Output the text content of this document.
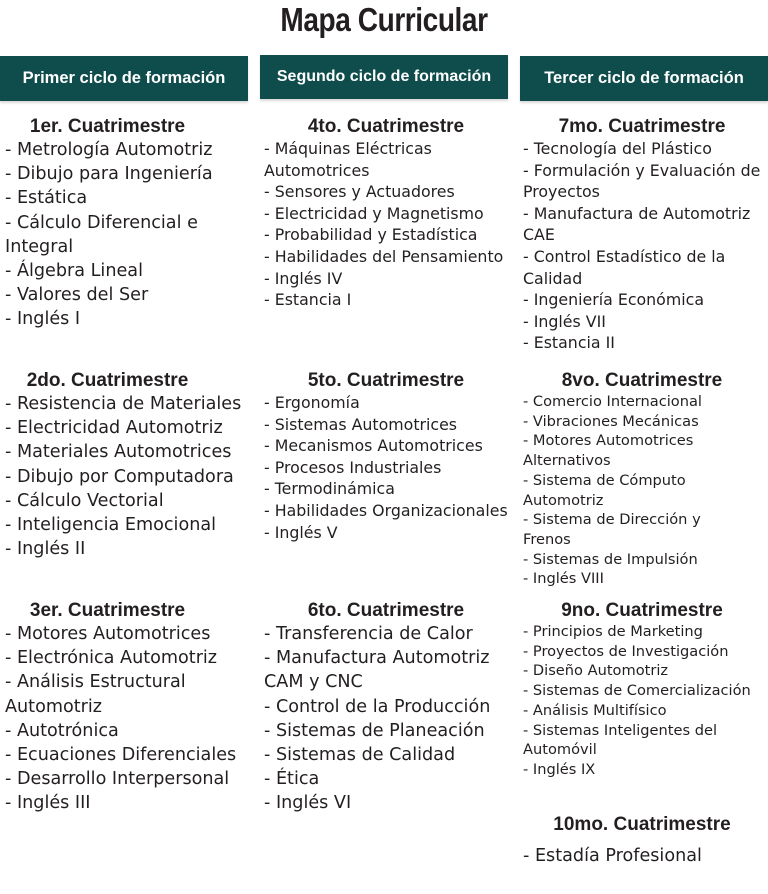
Mapa Curricular
Primer ciclo de formación	Segundo ciclo de formación	Tercer ciclo de formación
1er. Cuatrimestre
- Metrología Automotriz
- Dibujo para Ingeniería
- Estática
- Cálculo Diferencial e Integral
- Álgebra Lineal
- Valores del Ser
- Inglés I
2do. Cuatrimestre
- Resistencia de Materiales
- Electricidad Automotriz
- Materiales Automotrices
- Dibujo por Computadora
- Cálculo Vectorial
- Inteligencia Emocional
- Inglés II
3er. Cuatrimestre
- Motores Automotrices
- Electrónica Automotriz
- Análisis Estructural Automotriz
- Autotrónica
- Ecuaciones Diferenciales
- Desarrollo Interpersonal
- Inglés III
4to. Cuatrimestre
- Máquinas Eléctricas Automotrices
- Sensores y Actuadores
- Electricidad y Magnetismo
- Probabilidad y Estadística
- Habilidades del Pensamiento
- Inglés IV
- Estancia I
5to. Cuatrimestre
- Ergonomía
- Sistemas Automotrices
- Mecanismos Automotrices
- Procesos Industriales
- Termodinámica
- Habilidades Organizacionales
- Inglés V
6to. Cuatrimestre
- Transferencia de Calor
- Manufactura Automotriz CAM y CNC
- Control de la Producción
- Sistemas de Planeación
- Sistemas de Calidad
- Ética
- Inglés VI
7mo. Cuatrimestre
- Tecnología del Plástico
- Formulación y Evaluación de Proyectos
- Manufactura de Automotriz CAE
- Control Estadístico de la Calidad
- Ingeniería Económica
- Inglés VII
- Estancia II
8vo. Cuatrimestre
- Comercio Internacional
- Vibraciones Mecánicas
- Motores Automotrices Alternativos
- Sistema de Cómputo Automotriz
- Sistema de Dirección y Frenos
- Sistemas de Impulsión
- Inglés VIII
9no. Cuatrimestre
- Principios de Marketing
- Proyectos de Investigación
- Diseño Automotriz
- Sistemas de Comercialización
- Análisis Multifísico
- Sistemas Inteligentes del Automóvil
- Inglés IX
10mo. Cuatrimestre
- Estadía Profesional
